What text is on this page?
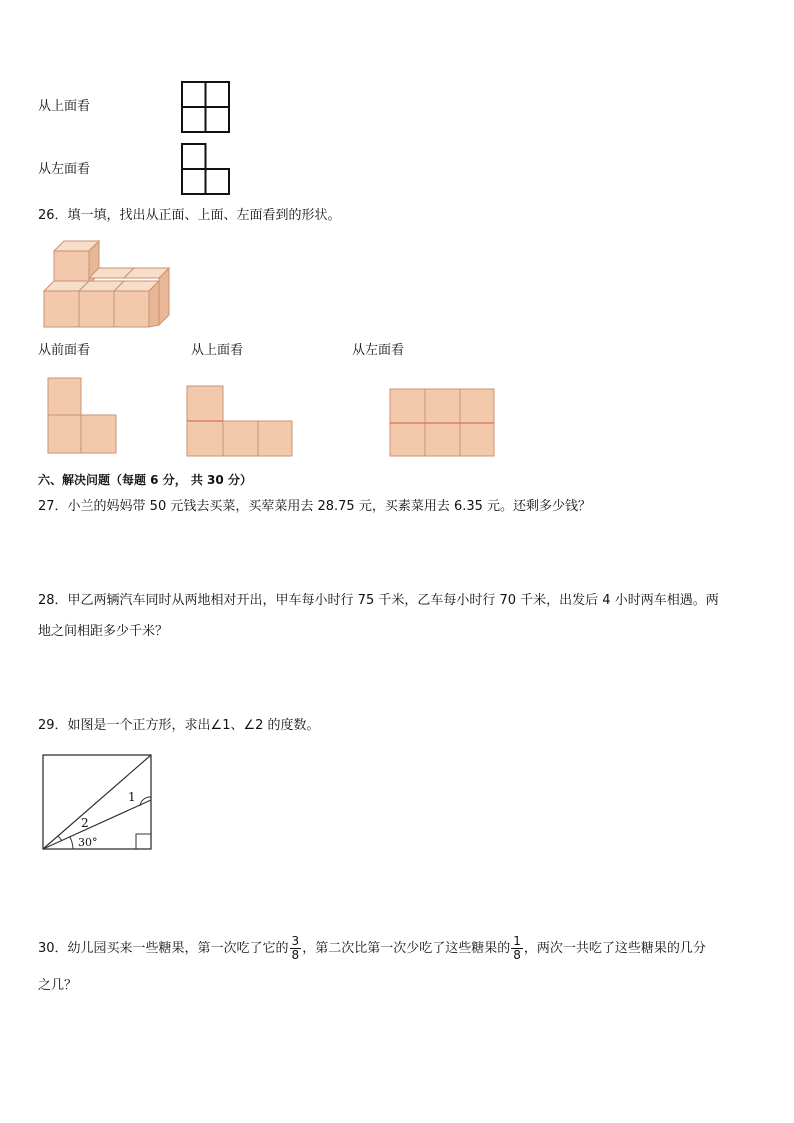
从上面看
从左面看
26．填一填，找出从正面、上面、左面看到的形状。
从前面看	从上面看	从左面看
六、解决问题（每题 6 分， 共 30 分）
27．小兰的妈妈带 50 元钱去买菜，买荤菜用去 28.75 元，买素菜用去 6.35 元。还剩多少钱？
28．甲乙两辆汽车同时从两地相对开出，甲车每小时行 75 千米，乙车每小时行 70 千米，出发后 4 小时两车相遇。两
地之间相距多少千米？
29．如图是一个正方形，求出∠1、∠2 的度数。
1
2
30°
30．幼儿园买来一些糖果，第一次吃了它的 $\frac{3}{8}$ ，第二次比第一次少吃了这些糖果的 $\frac{1}{8}$ ，两次一共吃了这些糖果的几分
之几？
